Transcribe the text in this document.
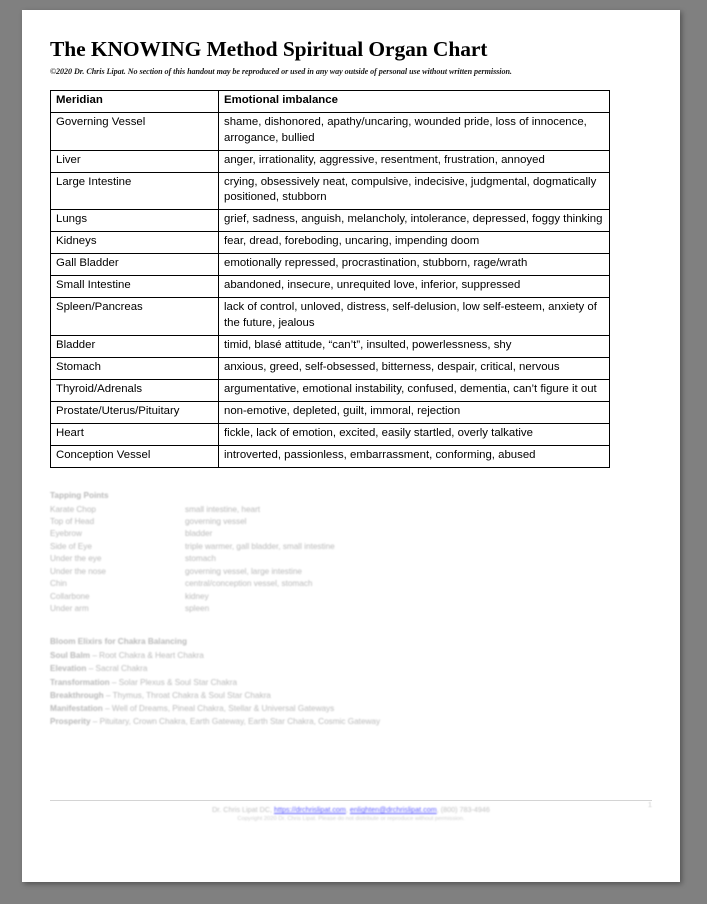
The KNOWING Method Spiritual Organ Chart
©2020 Dr. Chris Lipat. No section of this handout may be reproduced or used in any way outside of personal use without written permission.
Meridian	Emotional imbalance
Governing Vessel	shame, dishonored, apathy/uncaring, wounded pride, loss of innocence, arrogance, bullied
Liver	anger, irrationality, aggressive, resentment, frustration, annoyed
Large Intestine	crying, obsessively neat, compulsive, indecisive, judgmental, dogmatically positioned, stubborn
Lungs	grief, sadness, anguish, melancholy, intolerance, depressed, foggy thinking
Kidneys	fear, dread, foreboding, uncaring, impending doom
Gall Bladder	emotionally repressed, procrastination, stubborn, rage/wrath
Small Intestine	abandoned, insecure, unrequited love, inferior, suppressed
Spleen/Pancreas	lack of control, unloved, distress, self-delusion, low self-esteem, anxiety of the future, jealous
Bladder	timid, blasé attitude, “can’t”, insulted, powerlessness, shy
Stomach	anxious, greed, self-obsessed, bitterness, despair, critical, nervous
Thyroid/Adrenals	argumentative, emotional instability, confused, dementia, can’t figure it out
Prostate/Uterus/Pituitary	non-emotive, depleted, guilt, immoral, rejection
Heart	fickle, lack of emotion, excited, easily startled, overly talkative
Conception Vessel	introverted, passionless, embarrassment, conforming, abused
Tapping Points
Karate Chop	small intestine, heart
Top of Head	governing vessel
Eyebrow	bladder
Side of Eye	triple warmer, gall bladder, small intestine
Under the eye	stomach
Under the nose	governing vessel, large intestine
Chin	central/conception vessel, stomach
Collarbone	kidney
Under arm	spleen
Bloom Elixirs for Chakra Balancing
Soul Balm – Root Chakra & Heart Chakra
Elevation – Sacral Chakra
Transformation – Solar Plexus & Soul Star Chakra
Breakthrough – Thymus, Throat Chakra & Soul Star Chakra
Manifestation – Well of Dreams, Pineal Chakra, Stellar & Universal Gateways
Prosperity – Pituitary, Crown Chakra, Earth Gateway, Earth Star Chakra, Cosmic Gateway
Dr. Chris Lipat DC, https://drchrislipat.com, enlighten@drchrislipat.com, (800) 783-4946
Copyright 2020 Dr. Chris Lipat. Please do not distribute or reproduce without permission.
1
